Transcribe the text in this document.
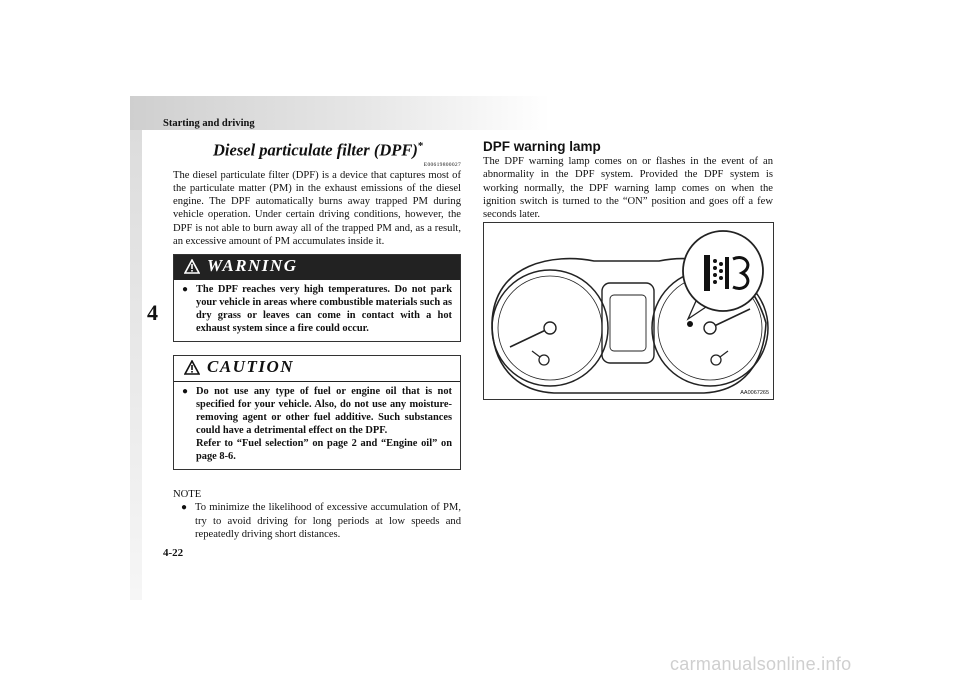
Starting and driving
4
4-22
Diesel particulate filter (DPF)*
E00619800027

The diesel particulate filter (DPF) is a device that captures most of the particulate matter (PM) in the exhaust emissions of the diesel engine. The DPF automatically burns away trapped PM during vehicle operation. Under certain driving conditions, however, the DPF is not able to burn away all of the trapped PM and, as a result, an excessive amount of PM accumulates inside it.

WARNING
● The DPF reaches very high temperatures. Do not park your vehicle in areas where combustible materials such as dry grass or leaves can come in contact with a hot exhaust system since a fire could occur.

CAUTION
● Do not use any type of fuel or engine oil that is not specified for your vehicle. Also, do not use any moisture-removing agent or other fuel additive. Such substances could have a detrimental effect on the DPF.

Refer to “Fuel selection” on page 2 and “Engine oil” on page 8-6.

NOTE
● To minimize the likelihood of excessive accumulation of PM, try to avoid driving for long periods at low speeds and repeatedly driving short distances.

DPF warning lamp

The DPF warning lamp comes on or flashes in the event of an abnormality in the DPF system. Provided the DPF system is working normally, the DPF warning lamp comes on when the ignition switch is turned to the “ON” position and goes off a few seconds later.

AA0067265
carmanualsonline.info
